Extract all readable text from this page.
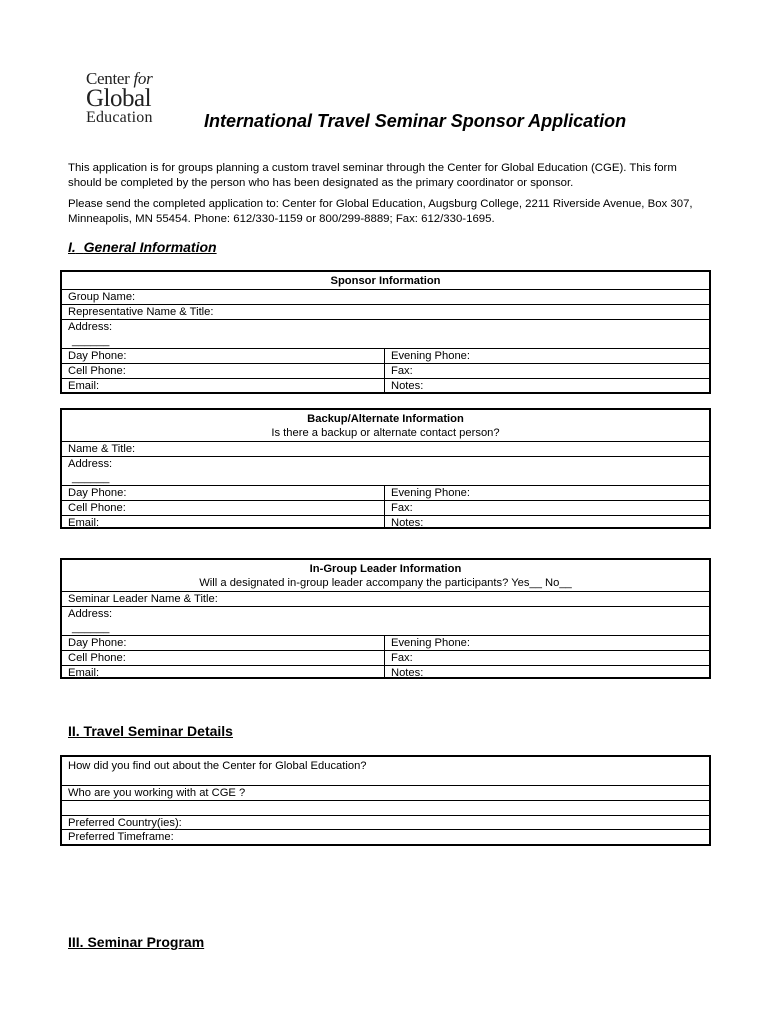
Center for
Global
Education	International Travel Seminar Sponsor Application
This application is for groups planning a custom travel seminar through the Center for Global Education (CGE). This form should be completed by the person who has been designated as the primary coordinator or sponsor.
Please send the completed application to: Center for Global Education, Augsburg College, 2211 Riverside Avenue, Box 307, Minneapolis, MN 55454. Phone: 612/330-1159 or 800/299-8889; Fax: 612/330-1695.
I. General Information
Sponsor Information
Group Name:
Representative Name & Title:
Address:
______
Day Phone:	Evening Phone:
Cell Phone:	Fax:
Email:	Notes:
Backup/Alternate Information
Is there a backup or alternate contact person?
Name & Title:
Address:
______
Day Phone:	Evening Phone:
Cell Phone:	Fax:
Email:	Notes:
In-Group Leader Information
Will a designated in-group leader accompany the participants? Yes__ No__
Seminar Leader Name & Title:
Address:
______
Day Phone:	Evening Phone:
Cell Phone:	Fax:
Email:	Notes:
II. Travel Seminar Details
How did you find out about the Center for Global Education?
Who are you working with at CGE ?
Preferred Country(ies):
Preferred Timeframe:
III. Seminar Program
